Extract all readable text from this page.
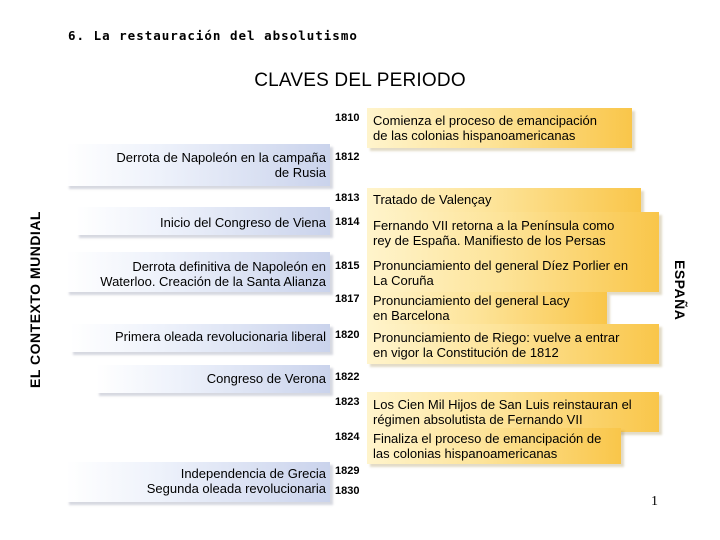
6. La restauración del absolutismo
CLAVES DEL PERIODO
EL CONTEXTO MUNDIAL	ESPAÑA
1810
1812
1813
1814
1815
1817
1820
1822
1823
1824
1829
1830
Derrota de Napoleón en la campaña
de Rusia
Inicio del Congreso de Viena
Derrota definitiva de Napoleón en
Waterloo. Creación de la Santa Alianza
Primera oleada revolucionaria liberal
Congreso de Verona
Independencia de Grecia
Segunda oleada revolucionaria
Comienza el proceso de emancipación
de las colonias hispanoamericanas
Tratado de Valençay
Fernando VII retorna a la Península como
rey de España. Manifiesto de los Persas
Pronunciamiento del general Díez Porlier en
La Coruña
Pronunciamiento del general Lacy
en Barcelona
Pronunciamiento de Riego: vuelve a entrar
en vigor la Constitución de 1812
Los Cien Mil Hijos de San Luis reinstauran el
régimen absolutista de Fernando VII
Finaliza el proceso de emancipación de
las colonias hispanoamericanas
1
